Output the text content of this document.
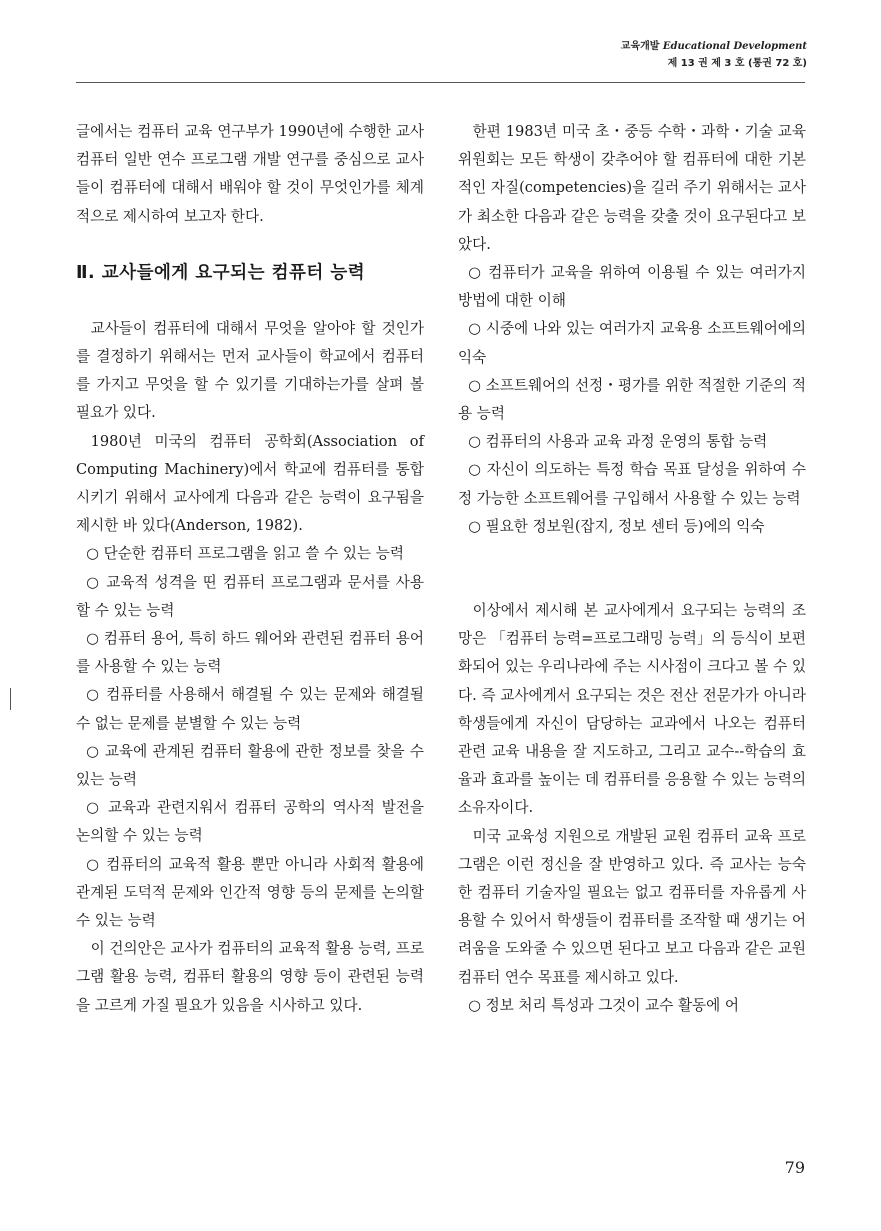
교육개발 Educational Development
제 13 권 제 3 호 (통권 72 호)

글에서는 컴퓨터 교육 연구부가 1990년에 수행한 교사 컴퓨터 일반 연수 프로그램 개발 연구를 중심으로 교사들이 컴퓨터에 대해서 배워야 할 것이 무엇인가를 체계적으로 제시하여 보고자 한다.

Ⅱ. 교사들에게 요구되는 컴퓨터 능력

교사들이 컴퓨터에 대해서 무엇을 알아야 할 것인가를 결정하기 위해서는 먼저 교사들이 학교에서 컴퓨터를 가지고 무엇을 할 수 있기를 기대하는가를 살펴 볼 필요가 있다.

1980년 미국의 컴퓨터 공학회(Association of Computing Machinery)에서 학교에 컴퓨터를 통합시키기 위해서 교사에게 다음과 같은 능력이 요구됨을 제시한 바 있다(Anderson, 1982).

○ 단순한 컴퓨터 프로그램을 읽고 쓸 수 있는 능력

○ 교육적 성격을 띤 컴퓨터 프로그램과 문서를 사용할 수 있는 능력

○ 컴퓨터 용어, 특히 하드 웨어와 관련된 컴퓨터 용어를 사용할 수 있는 능력

○ 컴퓨터를 사용해서 해결될 수 있는 문제와 해결될 수 없는 문제를 분별할 수 있는 능력

○ 교육에 관계된 컴퓨터 활용에 관한 정보를 찾을 수 있는 능력

○ 교육과 관련지워서 컴퓨터 공학의 역사적 발전을 논의할 수 있는 능력

○ 컴퓨터의 교육적 활용 뿐만 아니라 사회적 활용에 관계된 도덕적 문제와 인간적 영향 등의 문제를 논의할 수 있는 능력

이 건의안은 교사가 컴퓨터의 교육적 활용 능력, 프로그램 활용 능력, 컴퓨터 활용의 영향 등이 관련된 능력을 고르게 가질 필요가 있음을 시사하고 있다.

한편 1983년 미국 초・중등 수학・과학・기술 교육 위원회는 모든 학생이 갖추어야 할 컴퓨터에 대한 기본적인 자질(competencies)을 길러 주기 위해서는 교사가 최소한 다음과 같은 능력을 갖출 것이 요구된다고 보았다.

○ 컴퓨터가 교육을 위하여 이용될 수 있는 여러가지 방법에 대한 이해

○ 시중에 나와 있는 여러가지 교육용 소프트웨어에의 익숙

○ 소프트웨어의 선정・평가를 위한 적절한 기준의 적용 능력

○ 컴퓨터의 사용과 교육 과정 운영의 통합 능력

○ 자신이 의도하는 특정 학습 목표 달성을 위하여 수정 가능한 소프트웨어를 구입해서 사용할 수 있는 능력

○ 필요한 정보원(잡지, 정보 센터 등)에의 익숙

이상에서 제시해 본 교사에게서 요구되는 능력의 조망은 「컴퓨터 능력=프로그래밍 능력」의 등식이 보편화되어 있는 우리나라에 주는 시사점이 크다고 볼 수 있다. 즉 교사에게서 요구되는 것은 전산 전문가가 아니라 학생들에게 자신이 담당하는 교과에서 나오는 컴퓨터 관련 교육 내용을 잘 지도하고, 그리고 교수--학습의 효율과 효과를 높이는 데 컴퓨터를 응용할 수 있는 능력의 소유자이다.

미국 교육성 지원으로 개발된 교원 컴퓨터 교육 프로그램은 이런 정신을 잘 반영하고 있다. 즉 교사는 능숙한 컴퓨터 기술자일 필요는 없고 컴퓨터를 자유롭게 사용할 수 있어서 학생들이 컴퓨터를 조작할 때 생기는 어려움을 도와줄 수 있으면 된다고 보고 다음과 같은 교원 컴퓨터 연수 목표를 제시하고 있다.

○ 정보 처리 특성과 그것이 교수 활동에 어

79
